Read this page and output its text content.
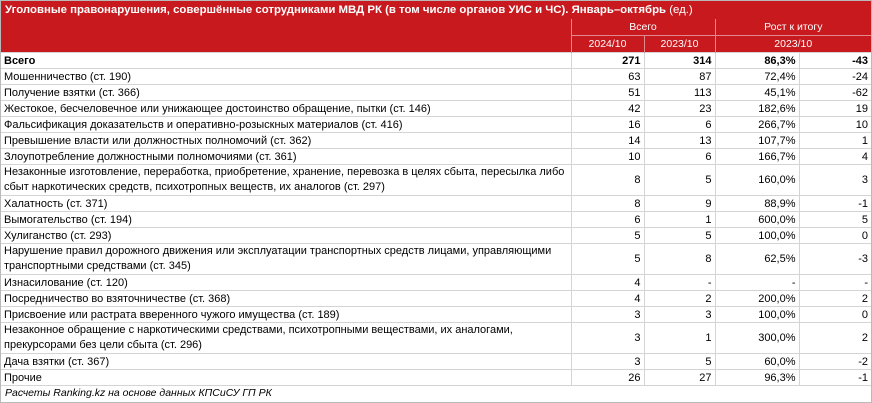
Уголовные правонарушения, совершённые сотрудниками МВД РК (в том числе органов УИС и ЧС). Январь–октябрь (ед.)
	Всего		Рост к итогу	
	2024/10	2023/10	2023/10	
Всего	271	314	86,3%	-43
Мошенничество (ст. 190)	63	87	72,4%	-24
Получение взятки (ст. 366)	51	113	45,1%	-62
Жестокое, бесчеловечное или унижающее достоинство обращение, пытки (ст. 146)	42	23	182,6%	19
Фальсификация доказательств и оперативно-розыскных материалов (ст. 416)	16	6	266,7%	10
Превышение власти или должностных полномочий (ст. 362)	14	13	107,7%	1
Злоупотребление должностными полномочиями (ст. 361)	10	6	166,7%	4
Незаконные изготовление, переработка, приобретение, хранение, перевозка в целях сбыта, пересылка либо сбыт наркотических средств, психотропных веществ, их аналогов (ст. 297)	8	5	160,0%	3
Халатность (ст. 371)	8	9	88,9%	-1
Вымогательство (ст. 194)	6	1	600,0%	5
Хулиганство (ст. 293)	5	5	100,0%	0
Нарушение правил дорожного движения или эксплуатации транспортных средств лицами, управляющими транспортными средствами (ст. 345)	5	8	62,5%	-3
Изнасилование (ст. 120)	4	-	-	-
Посредничество во взяточничестве (ст. 368)	4	2	200,0%	2
Присвоение или растрата вверенного чужого имущества (ст. 189)	3	3	100,0%	0
Незаконное обращение с наркотическими средствами, психотропными веществами, их аналогами, прекурсорами без цели сбыта (ст. 296)	3	1	300,0%	2
Дача взятки (ст. 367)	3	5	60,0%	-2
Прочие	26	27	96,3%	-1
Расчеты Ranking.kz на основе данных КПСиСУ ГП РК
